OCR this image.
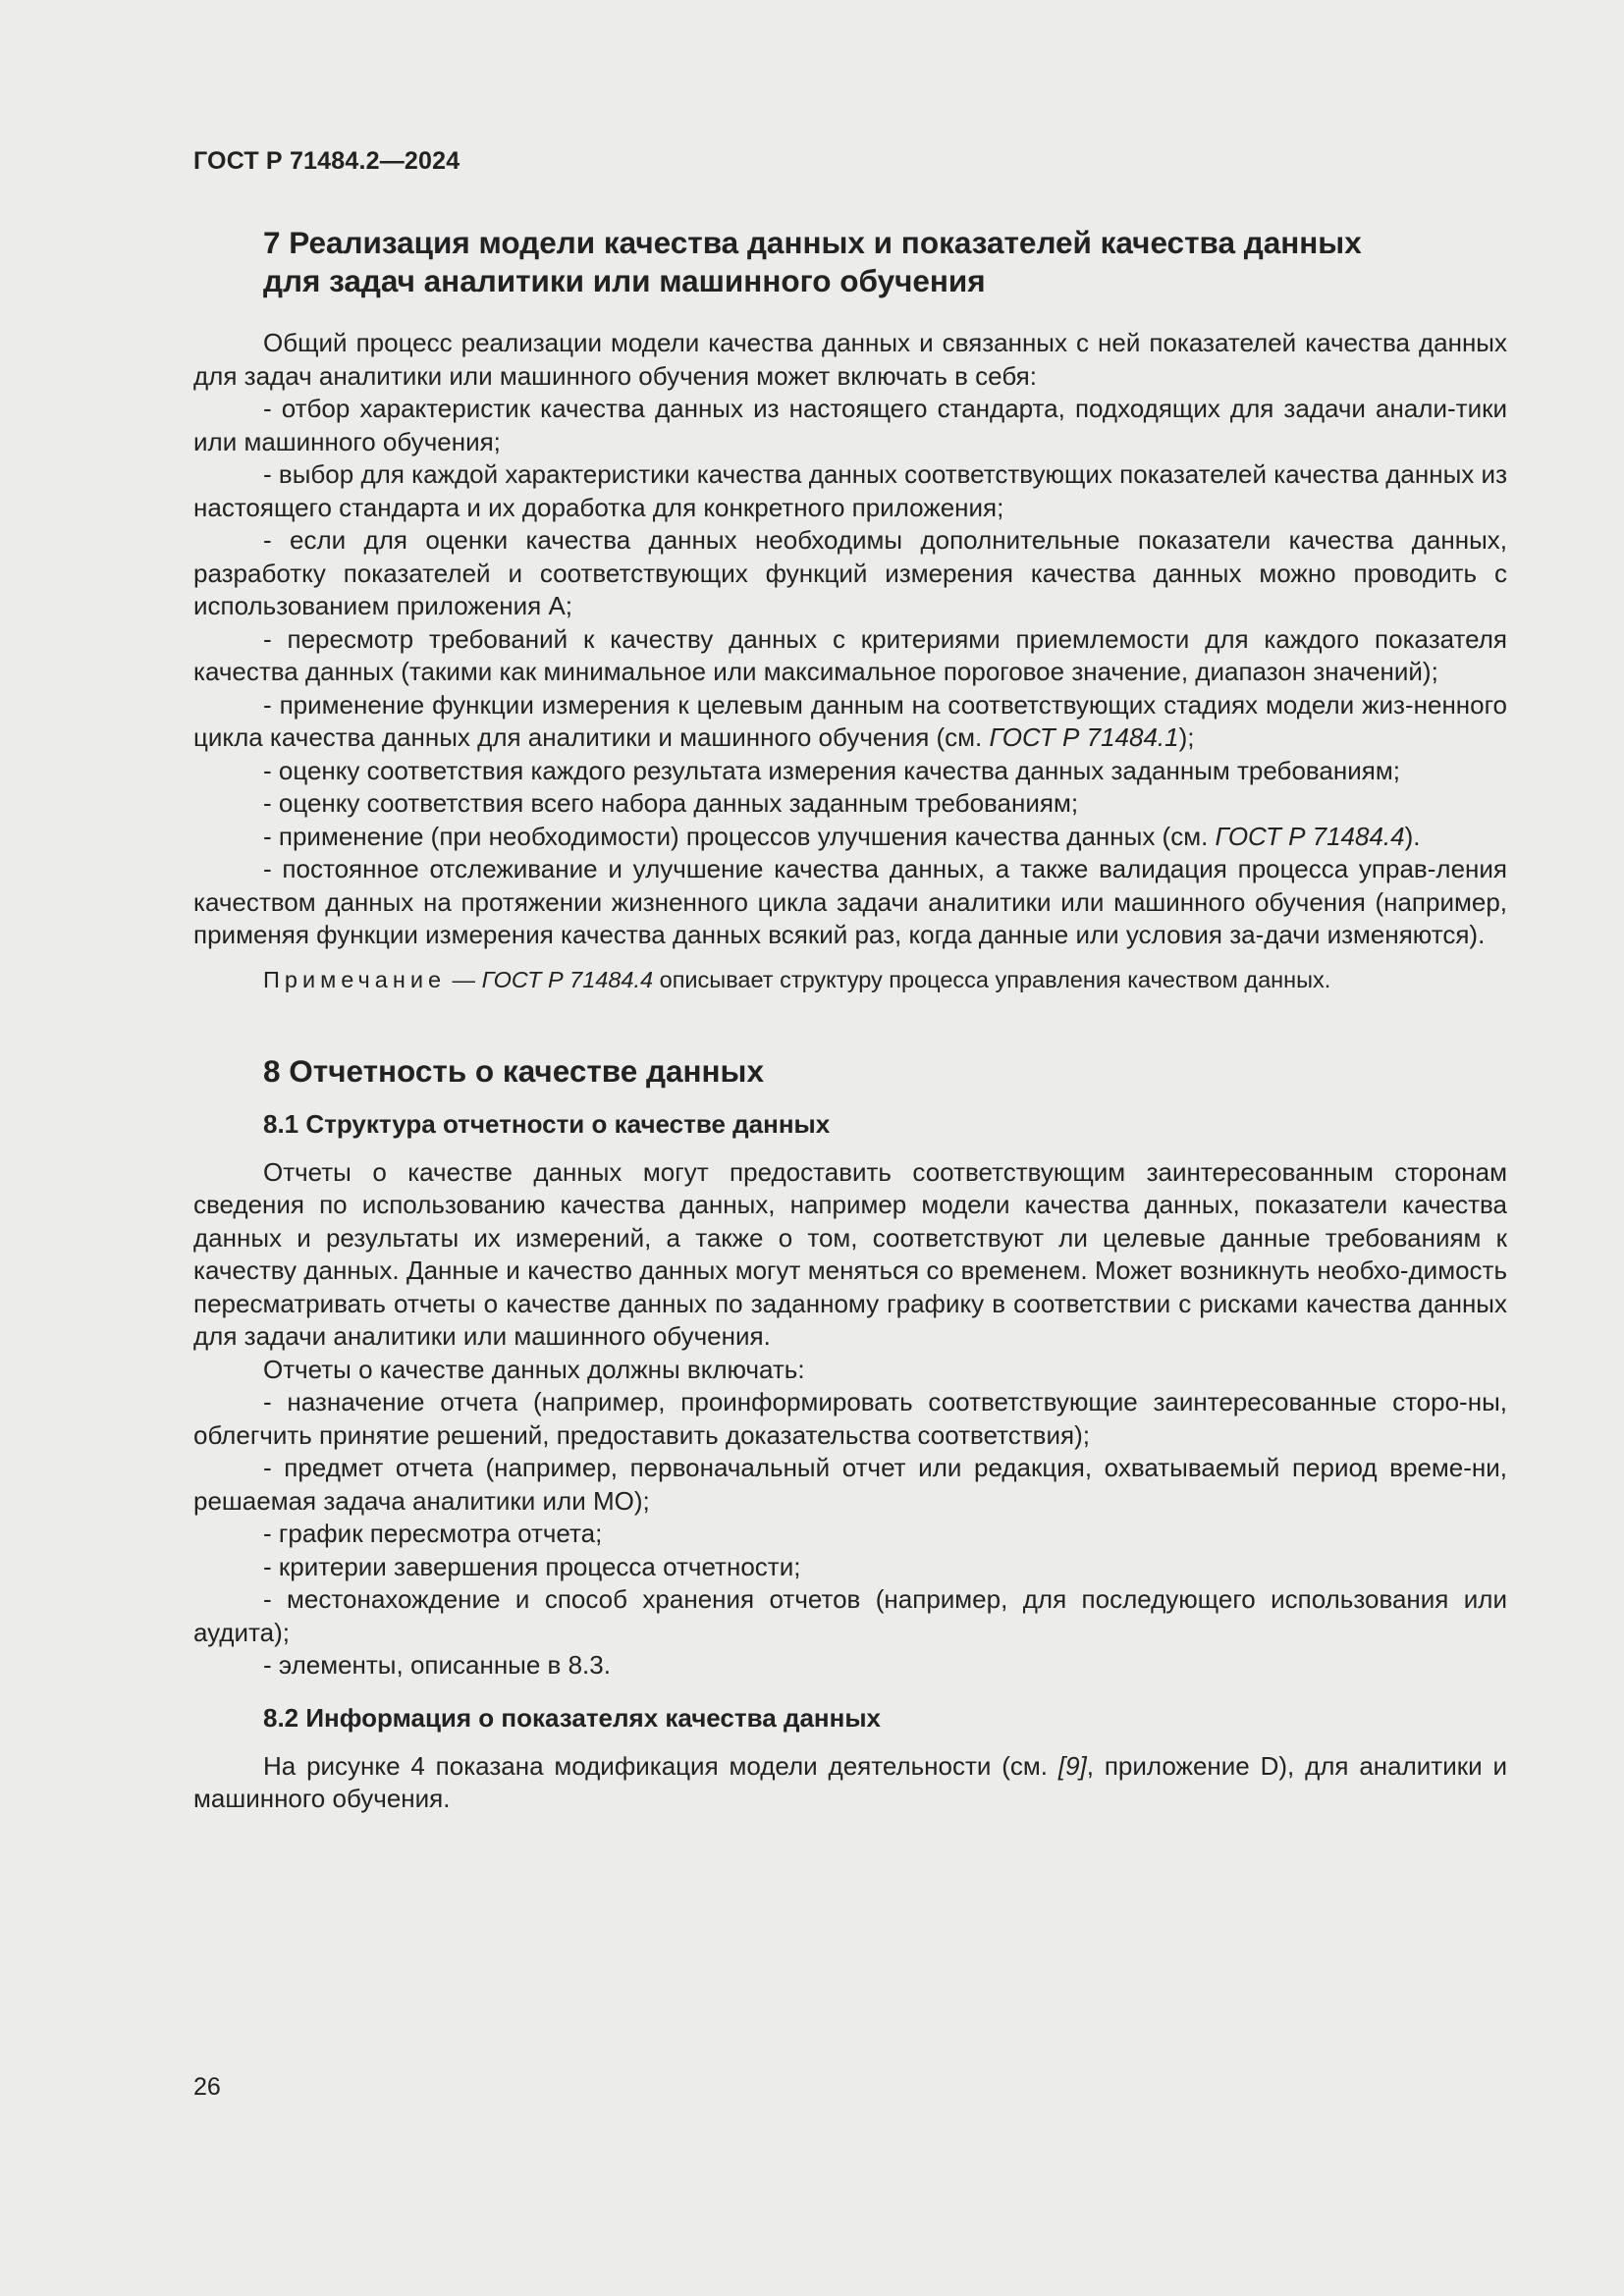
ГОСТ Р 71484.2—2024
7 Реализация модели качества данных и показателей качества данных
для задач аналитики или машинного обучения

Общий процесс реализации модели качества данных и связанных с ней показателей качества данных для задач аналитики или машинного обучения может включать в себя:

- отбор характеристик качества данных из настоящего стандарта, подходящих для задачи анали-тики или машинного обучения;

- выбор для каждой характеристики качества данных соответствующих показателей качества данных из настоящего стандарта и их доработка для конкретного приложения;

- если для оценки качества данных необходимы дополнительные показатели качества данных, разработку показателей и соответствующих функций измерения качества данных можно проводить с использованием приложения А;

- пересмотр требований к качеству данных с критериями приемлемости для каждого показателя качества данных (такими как минимальное или максимальное пороговое значение, диапазон значений);

- применение функции измерения к целевым данным на соответствующих стадиях модели жиз-ненного цикла качества данных для аналитики и машинного обучения (см. ГОСТ Р 71484.1);

- оценку соответствия каждого результата измерения качества данных заданным требованиям;

- оценку соответствия всего набора данных заданным требованиям;

- применение (при необходимости) процессов улучшения качества данных (см. ГОСТ Р 71484.4).

- постоянное отслеживание и улучшение качества данных, а также валидация процесса управ-ления качеством данных на протяжении жизненного цикла задачи аналитики или машинного обучения (например, применяя функции измерения качества данных всякий раз, когда данные или условия за-дачи изменяются).

Примечание — ГОСТ Р 71484.4 описывает структуру процесса управления качеством данных.

8 Отчетность о качестве данных
8.1 Структура отчетности о качестве данных

Отчеты о качестве данных могут предоставить соответствующим заинтересованным сторонам сведения по использованию качества данных, например модели качества данных, показатели качества данных и результаты их измерений, а также о том, соответствуют ли целевые данные требованиям к качеству данных. Данные и качество данных могут меняться со временем. Может возникнуть необхо-димость пересматривать отчеты о качестве данных по заданному графику в соответствии с рисками качества данных для задачи аналитики или машинного обучения.

Отчеты о качестве данных должны включать:

- назначение отчета (например, проинформировать соответствующие заинтересованные сторо-ны, облегчить принятие решений, предоставить доказательства соответствия);

- предмет отчета (например, первоначальный отчет или редакция, охватываемый период време-ни, решаемая задача аналитики или МО);

- график пересмотра отчета;

- критерии завершения процесса отчетности;

- местонахождение и способ хранения отчетов (например, для последующего использования или аудита);

- элементы, описанные в 8.3.

8.2 Информация о показателях качества данных

На рисунке 4 показана модификация модели деятельности (см. [9], приложение D), для аналитики и машинного обучения.

26
